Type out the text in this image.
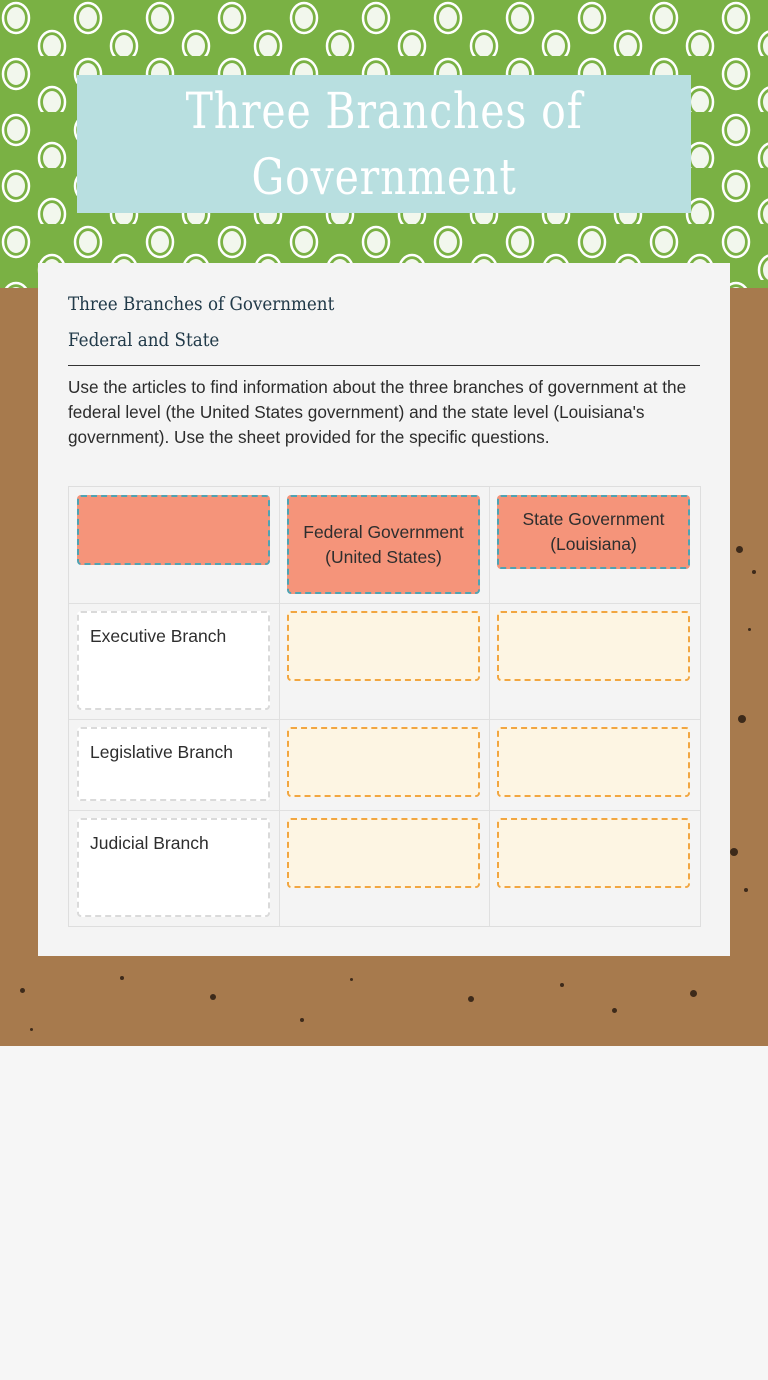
Three Branches of
Government
Three Branches of Government
Federal and State
Use the articles to find information about the three branches of government at the federal level (the United States government) and the state level (Louisiana's government). Use the sheet provided for the specific questions.
Federal Government (United States)
State Government (Louisiana)
Executive Branch
Legislative Branch
Judicial Branch
